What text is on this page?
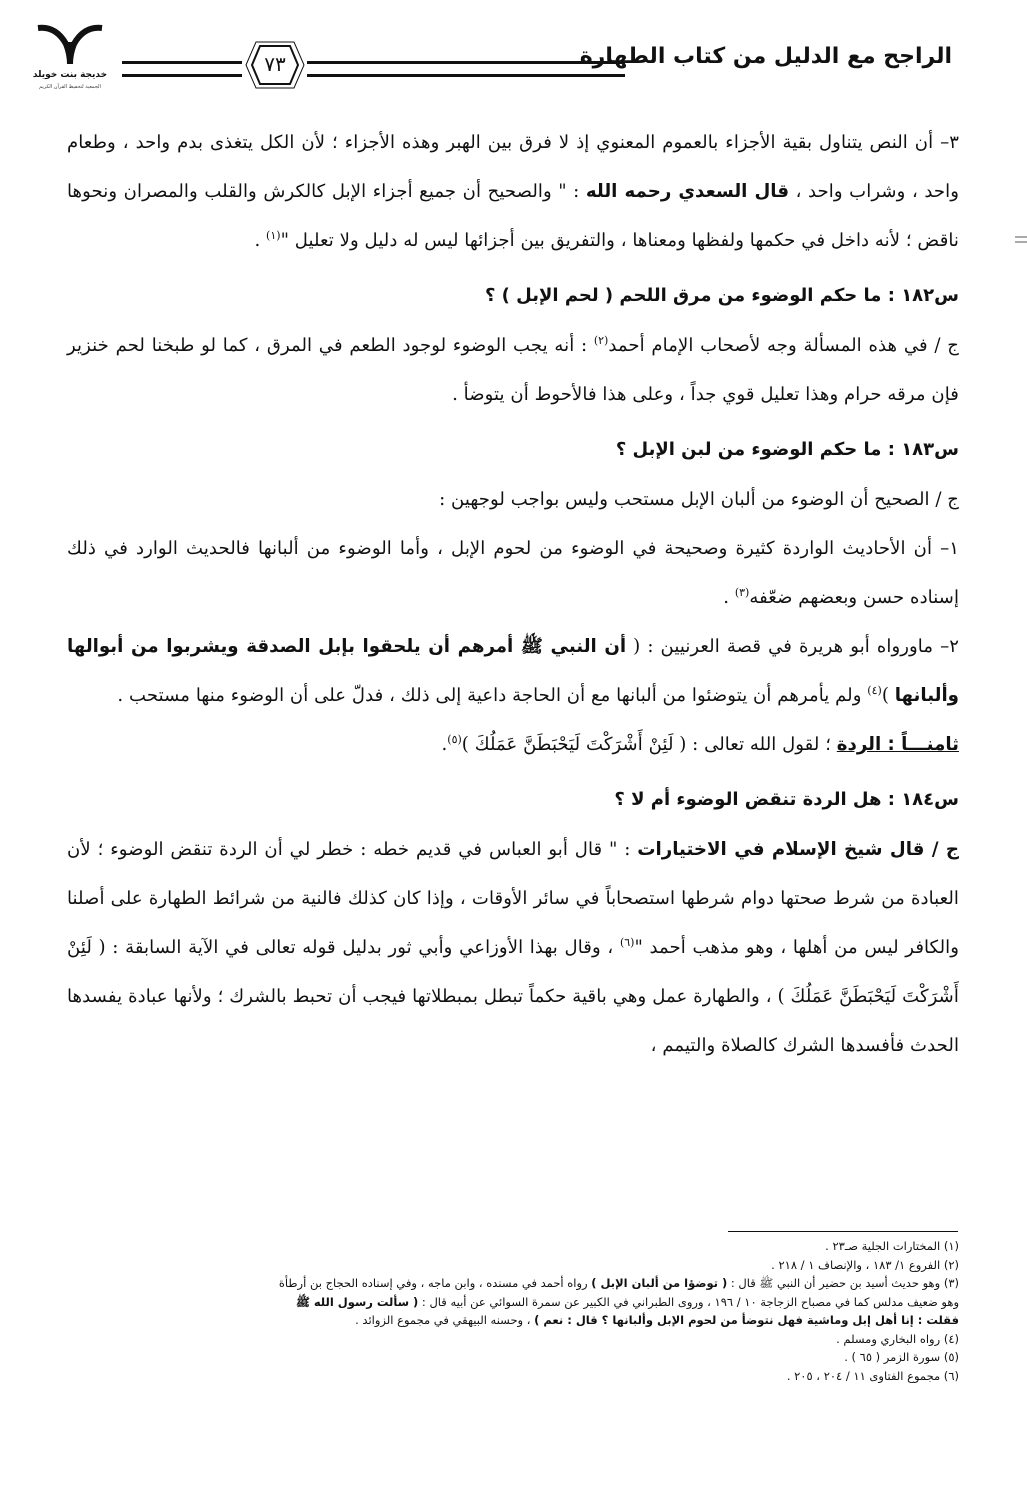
الراجح مع الدليل من كتاب الطهارة
٧٣
خديجة بنت خويلد
الجمعية لتحفيظ القرآن الكريم

٣– أن النص يتناول بقية الأجزاء بالعموم المعنوي إذ لا فرق بين الهبر وهذه الأجزاء ؛ لأن الكل يتغذى بدم واحد ، وطعام واحد ، وشراب واحد ، قال السعدي رحمه الله : " والصحيح أن جميع أجزاء الإبل كالكرش والقلب والمصران ونحوها ناقض ؛ لأنه داخل في حكمها ولفظها ومعناها ، والتفريق بين أجزائها ليس له دليل ولا تعليل "$^{(١)}$ .

س١٨٢ : ما حكم الوضوء من مرق اللحم ( لحم الإبل ) ؟

ج / في هذه المسألة وجه لأصحاب الإمام أحمد$^{(٢)}$ : أنه يجب الوضوء لوجود الطعم في المرق ، كما لو طبخنا لحم خنزير فإن مرقه حرام وهذا تعليل قوي جداً ، وعلى هذا فالأحوط أن يتوضأ .

س١٨٣ : ما حكم الوضوء من لبن الإبل ؟

ج / الصحيح أن الوضوء من ألبان الإبل مستحب وليس بواجب لوجهين :

١– أن الأحاديث الواردة كثيرة وصحيحة في الوضوء من لحوم الإبل ، وأما الوضوء من ألبانها فالحديث الوارد في ذلك إسناده حسن وبعضهم ضعّفه$^{(٣)}$ .

٢– ماورواه أبو هريرة في قصة العرنيين : ( أن النبي ﷺ أمرهم أن يلحقوا بإبل الصدقة ويشربوا من أبوالها وألبانها )$^{(٤)}$ ولم يأمرهم أن يتوضئوا من ألبانها مع أن الحاجة داعية إلى ذلك ، فدلّ على أن الوضوء منها مستحب .

ثامنـــاً : الردة ؛ لقول الله تعالى : ( لَئِنْ أَشْرَكْتَ لَيَحْبَطَنَّ عَمَلُكَ )$^{(٥)}$.

س١٨٤ : هل الردة تنقض الوضوء أم لا ؟

ج / قال شيخ الإسلام في الاختيارات : " قال أبو العباس في قديم خطه : خطر لي أن الردة تنقض الوضوء ؛ لأن العبادة من شرط صحتها دوام شرطها استصحاباً في سائر الأوقات ، وإذا كان كذلك فالنية من شرائط الطهارة على أصلنا والكافر ليس من أهلها ، وهو مذهب أحمد "$^{(٦)}$ ، وقال بهذا الأوزاعي وأبي ثور بدليل قوله تعالى في الآية السابقة : ( لَئِنْ أَشْرَكْتَ لَيَحْبَطَنَّ عَمَلُكَ ) ، والطهارة عمل وهي باقية حكماً تبطل بمبطلاتها فيجب أن تحبط بالشرك ؛ ولأنها عبادة يفسدها الحدث فأفسدها الشرك كالصلاة والتيمم ،

(١) المختارات الجلية صـ٢٣ .

(٢) الفروع ١/ ١٨٣ ، والإنصاف ١ / ٢١٨ .

(٣) وهو حديث أسيد بن حضير أن النبي ﷺ قال : ( توضؤا من ألبان الإبل ) رواه أحمد في مسنده ، وابن ماجه ، وفي إسناده الحجاج بن أرطأة

وهو ضعيف مدلس كما في مصباح الزجاجة ١٠ / ١٩٦ ، وروى الطبراني في الكبير عن سمرة السوائي عن أبيه قال : ( سألت رسول الله ﷺ

فقلت : إنا أهل إبل وماشية فهل نتوضأ من لحوم الإبل وألبانها ؟ قال : نعم ) ، وحسنه البيهقي في مجموع الزوائد .

(٤) رواه البخاري ومسلم .

(٥) سورة الزمر ( ٦٥ ) .

(٦) مجموع الفتاوى ١١ / ٢٠٤ ، ٢٠٥ .
